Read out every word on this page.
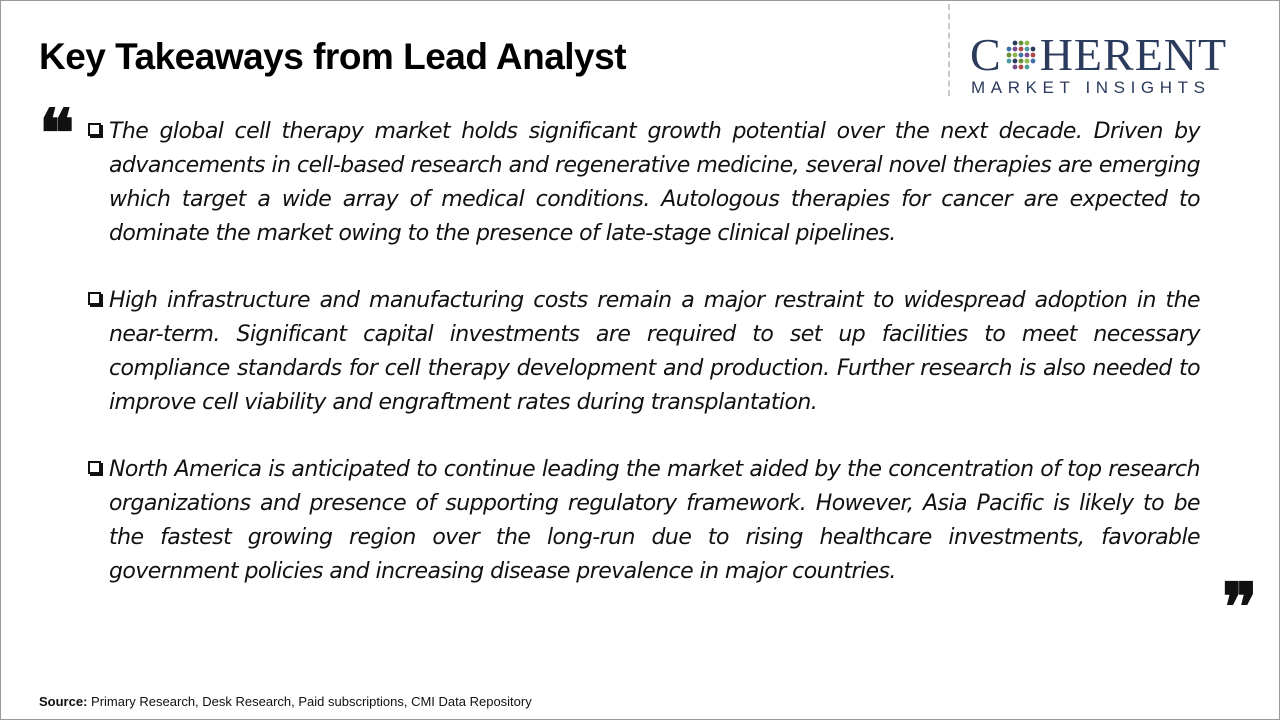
Key Takeaways from Lead Analyst	C HERENT
MARKET INSIGHTS
❝ The global cell therapy market holds significant growth potential over the next decade. Driven by advancements in cell-based research and regenerative medicine, several novel therapies are emerging which target a wide array of medical conditions. Autologous therapies for cancer are expected to dominate the market owing to the presence of late-stage clinical pipelines.
High infrastructure and manufacturing costs remain a major restraint to widespread adoption in the near-term. Significant capital investments are required to set up facilities to meet necessary compliance standards for cell therapy development and production. Further research is also needed to improve cell viability and engraftment rates during transplantation.
North America is anticipated to continue leading the market aided by the concentration of top research organizations and presence of supporting regulatory framework. However, Asia Pacific is likely to be the fastest growing region over the long-run due to rising healthcare investments, favorable government policies and increasing disease prevalence in major countries.	❞
Source: Primary Research, Desk Research, Paid subscriptions, CMI Data Repository
